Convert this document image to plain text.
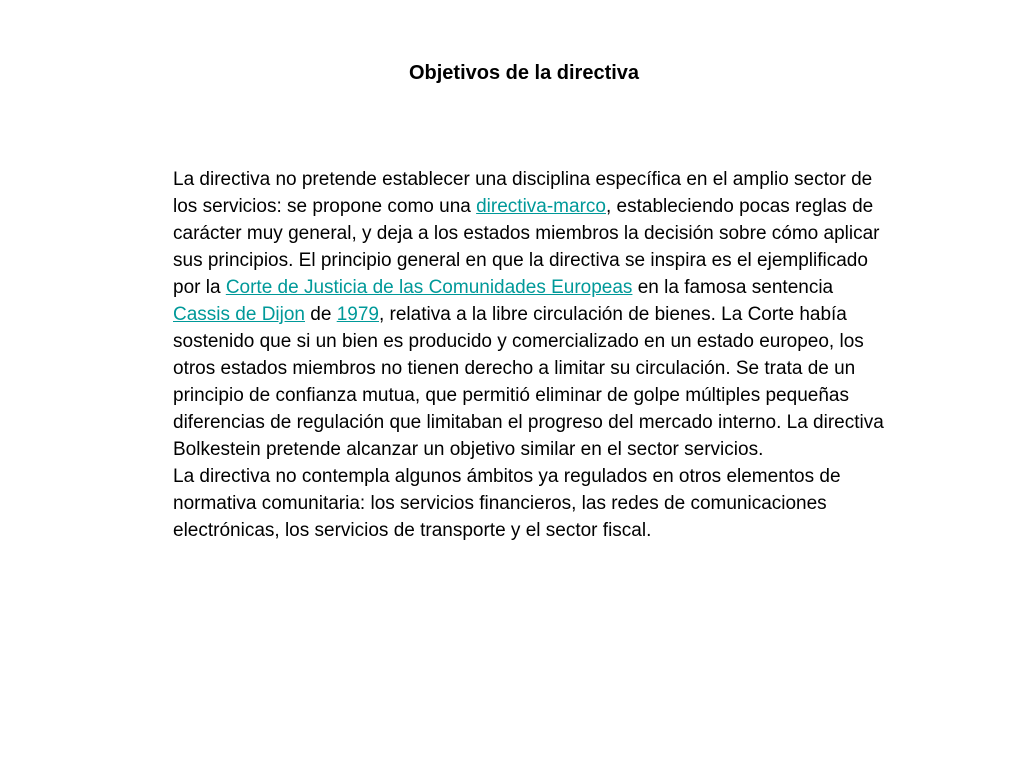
Objetivos de la directiva

La directiva no pretende establecer una disciplina específica en el amplio sector de los servicios: se propone como una directiva-marco, estableciendo pocas reglas de carácter muy general, y deja a los estados miembros la decisión sobre cómo aplicar sus principios. El principio general en que la directiva se inspira es el ejemplificado por la Corte de Justicia de las Comunidades Europeas en la famosa sentencia Cassis de Dijon de 1979, relativa a la libre circulación de bienes. La Corte había sostenido que si un bien es producido y comercializado en un estado europeo, los otros estados miembros no tienen derecho a limitar su circulación. Se trata de un principio de confianza mutua, que permitió eliminar de golpe múltiples pequeñas diferencias de regulación que limitaban el progreso del mercado interno. La directiva Bolkestein pretende alcanzar un objetivo similar en el sector servicios.

La directiva no contempla algunos ámbitos ya regulados en otros elementos de normativa comunitaria: los servicios financieros, las redes de comunicaciones electrónicas, los servicios de transporte y el sector fiscal.
